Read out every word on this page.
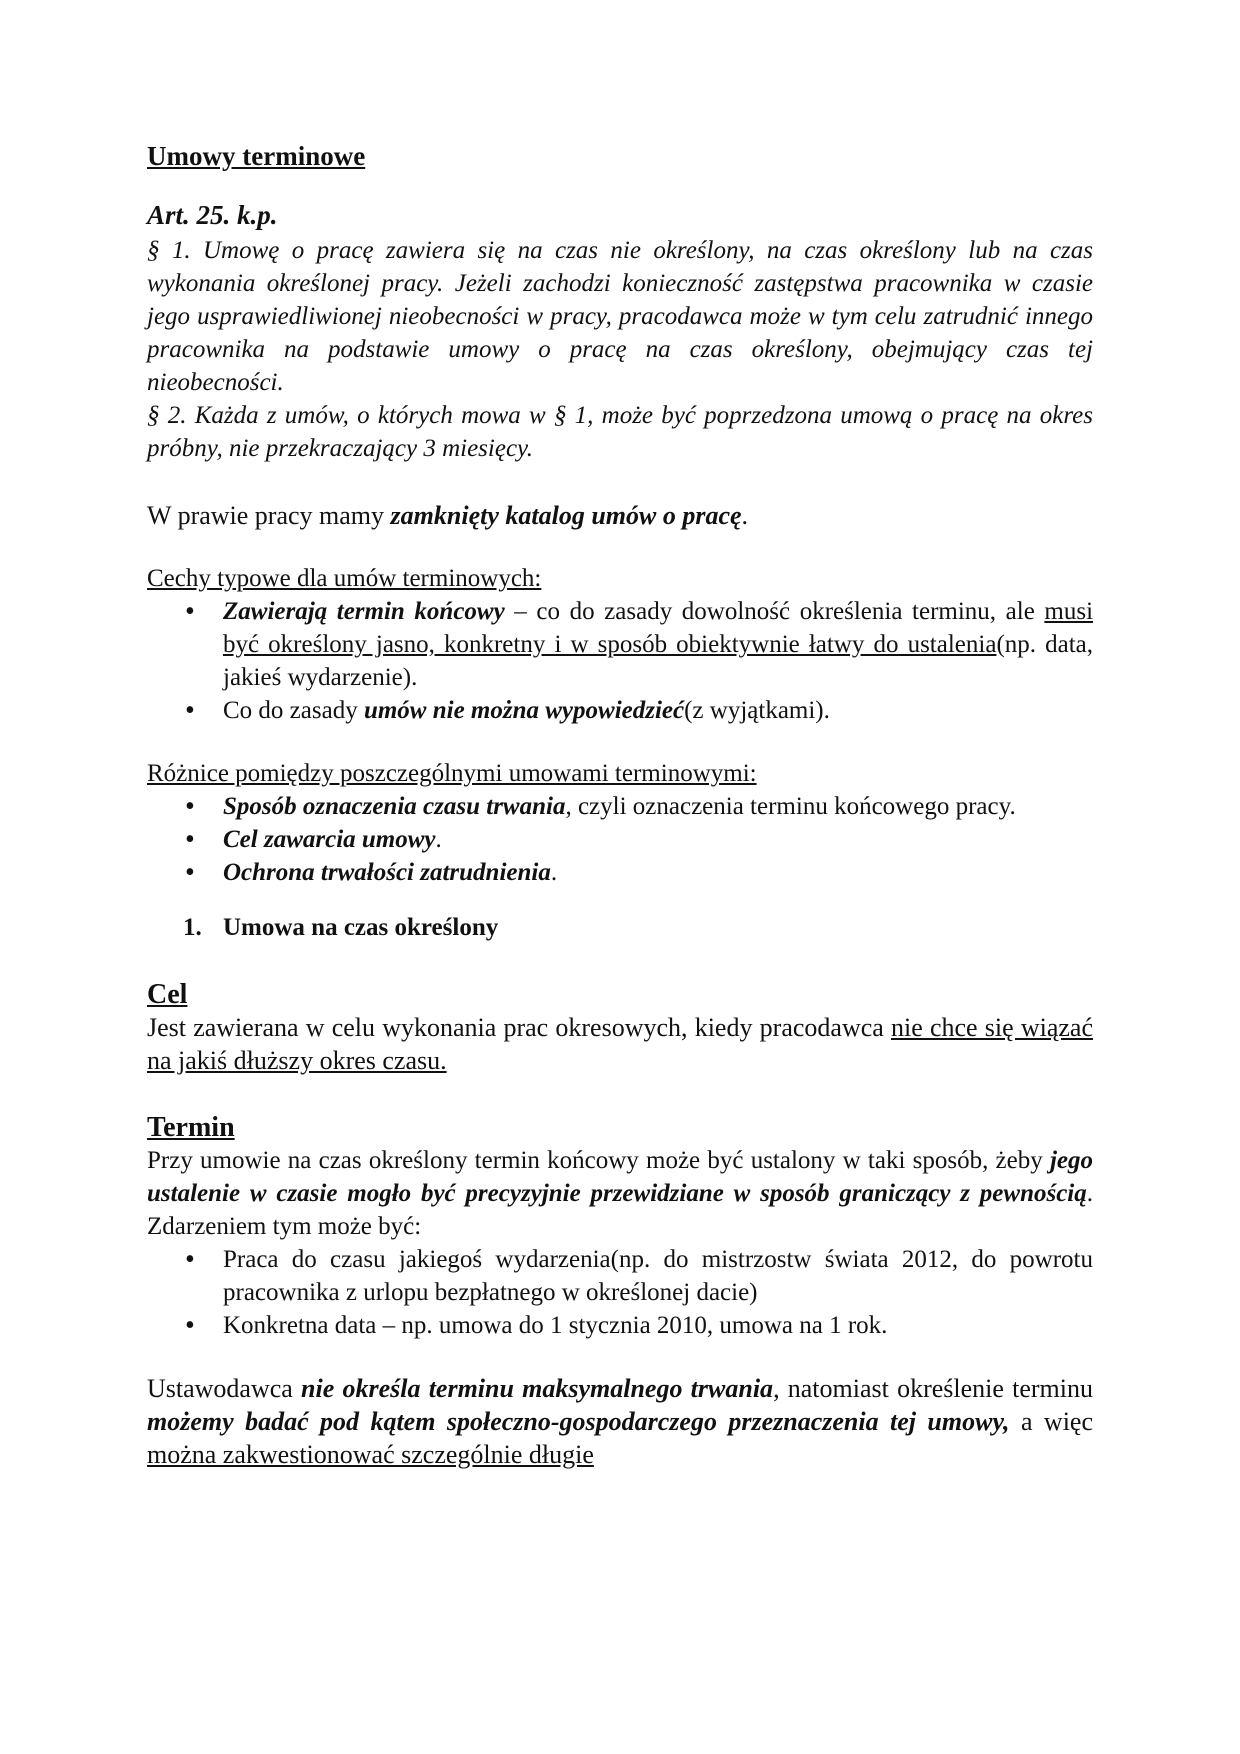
Umowy terminowe
Art. 25. k.p.

§ 1. Umowę o pracę zawiera się na czas nie określony, na czas określony lub na czas wykonania określonej pracy. Jeżeli zachodzi konieczność zastępstwa pracownika w czasie jego usprawiedliwionej nieobecności w pracy, pracodawca może w tym celu zatrudnić innego pracownika na podstawie umowy o pracę na czas określony, obejmujący czas tej nieobecności.

§ 2. Każda z umów, o których mowa w § 1, może być poprzedzona umową o pracę na okres próbny, nie przekraczający 3 miesięcy.

W prawie pracy mamy zamknięty katalog umów o pracę.

Cechy typowe dla umów terminowych:

• Zawierają termin końcowy – co do zasady dowolność określenia terminu, ale musi być określony jasno, konkretny i w sposób obiektywnie łatwy do ustalenia(np. data, jakieś wydarzenie).
• Co do zasady umów nie można wypowiedzieć(z wyjątkami).

Różnice pomiędzy poszczególnymi umowami terminowymi:

• Sposób oznaczenia czasu trwania, czyli oznaczenia terminu końcowego pracy.
• Cel zawarcia umowy.
• Ochrona trwałości zatrudnienia.
1. Umowa na czas określony
Cel

Jest zawierana w celu wykonania prac okresowych, kiedy pracodawca nie chce się wiązać na jakiś dłuższy okres czasu.

Termin

Przy umowie na czas określony termin końcowy może być ustalony w taki sposób, żeby jego ustalenie w czasie mogło być precyzyjnie przewidziane w sposób graniczący z pewnością. Zdarzeniem tym może być:

• Praca do czasu jakiegoś wydarzenia(np. do mistrzostw świata 2012, do powrotu pracownika z urlopu bezpłatnego w określonej dacie)
• Konkretna data – np. umowa do 1 stycznia 2010, umowa na 1 rok.

Ustawodawca nie określa terminu maksymalnego trwania, natomiast określenie terminu możemy badać pod kątem społeczno-gospodarczego przeznaczenia tej umowy, a więc można zakwestionować szczególnie długie
